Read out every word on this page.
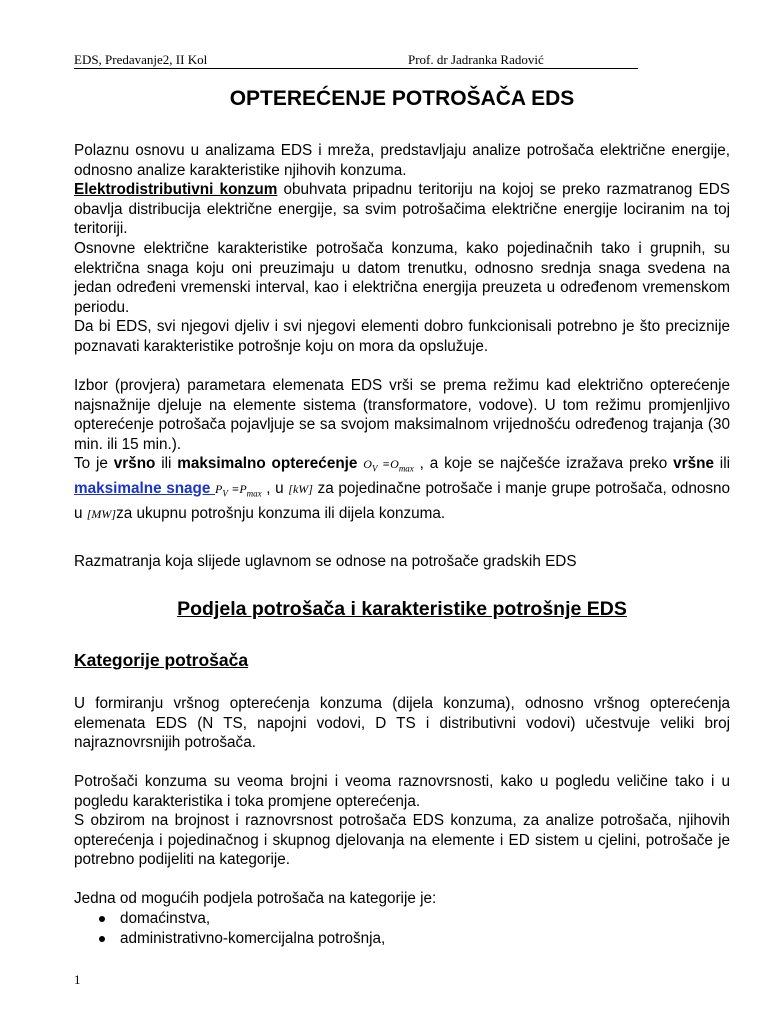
EDS, Predavanje2, II Kol	Prof. dr Jadranka Radović
OPTEREĆENJE POTROŠAČA EDS
Polaznu osnovu u analizama EDS i mreža, predstavljaju analize potrošača električne energije, odnosno analize karakteristike njihovih konzuma.
Elektrodistributivni konzum obuhvata pripadnu teritoriju na kojoj se preko razmatranog EDS obavlja distribucija električne energije, sa svim potrošačima električne energije lociranim na toj teritoriji.
Osnovne električne karakteristike potrošača konzuma, kako pojedinačnih tako i grupnih, su električna snaga koju oni preuzimaju u datom trenutku, odnosno srednja snaga svedena na jedan određeni vremenski interval, kao i električna energija preuzeta u određenom vremenskom periodu.
Da bi EDS, svi njegovi djeliv i svi njegovi elementi dobro funkcionisali potrebno je što preciznije poznavati karakteristike potrošnje koju on mora da opslužuje.
Izbor (provjera) parametara elemenata EDS vrši se prema režimu kad električno opterećenje najsnažnije djeluje na elemente sistema (transformatore, vodove). U tom režimu promjenljivo opterećenje potrošača pojavljuje se sa svojom maksimalnom vrijednošću određenog trajanja (30 min. ili 15 min.).
To je vršno ili maksimalno opterećenje $O_V \equiv O_{max}$ , a koje se najčešće izražava preko vršne ili maksimalne snage $P_V \equiv P_{max}$ , u [kW] za pojedinačne potrošače i manje grupe potrošača, odnosno u [MW]za ukupnu potrošnju konzuma ili dijela konzuma.
Razmatranja koja slijede uglavnom se odnose na potrošače gradskih EDS
Podjela potrošača i karakteristike potrošnje EDS
Kategorije potrošača
U formiranju vršnog opterećenja konzuma (dijela konzuma), odnosno vršnog opterećenja elemenata EDS (N TS, napojni vodovi, D TS i distributivni vodovi) učestvuje veliki broj najraznovrsnijih potrošača.
Potrošači konzuma su veoma brojni i veoma raznovrsnosti, kako u pogledu veličine tako i u pogledu karakteristika i toka promjene opterećenja.
S obzirom na brojnost i raznovrsnost potrošača EDS konzuma, za analize potrošača, njihovih opterećenja i pojedinačnog i skupnog djelovanja na elemente i ED sistem u cjelini, potrošače je potrebno podijeliti na kategorije.
Jedna od mogućih podjela potrošača na kategorije je:
domaćinstva,
administrativno-komercijalna potrošnja,
1
